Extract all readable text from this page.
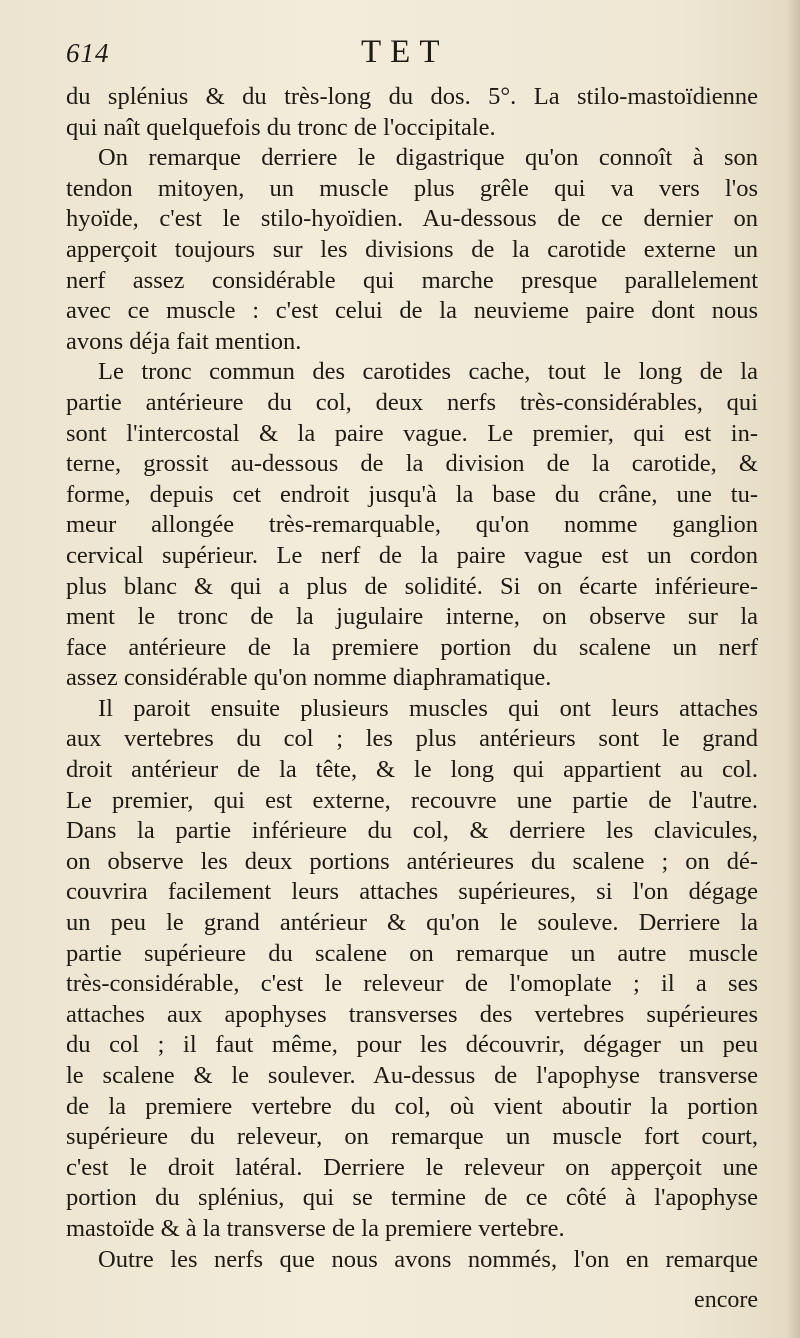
614	TET
du splénius & du très-long du dos. 5°. La stilo-mastoïdienne
qui naît quelquefois du tronc de l'occipitale.
On remarque derriere le digastrique qu'on connoît à son
tendon mitoyen, un muscle plus grêle qui va vers l'os
hyoïde, c'est le stilo-hyoïdien. Au-dessous de ce dernier on
apperçoit toujours sur les divisions de la carotide externe un
nerf assez considérable qui marche presque parallelement
avec ce muscle : c'est celui de la neuvieme paire dont nous
avons déja fait mention.
Le tronc commun des carotides cache, tout le long de la
partie antérieure du col, deux nerfs très-considérables, qui
sont l'intercostal & la paire vague. Le premier, qui est in-
terne, grossit au-dessous de la division de la carotide, &
forme, depuis cet endroit jusqu'à la base du crâne, une tu-
meur allongée très-remarquable, qu'on nomme ganglion
cervical supérieur. Le nerf de la paire vague est un cordon
plus blanc & qui a plus de solidité. Si on écarte inférieure-
ment le tronc de la jugulaire interne, on observe sur la
face antérieure de la premiere portion du scalene un nerf
assez considérable qu'on nomme diaphramatique.
Il paroit ensuite plusieurs muscles qui ont leurs attaches
aux vertebres du col ; les plus antérieurs sont le grand
droit antérieur de la tête, & le long qui appartient au col.
Le premier, qui est externe, recouvre une partie de l'autre.
Dans la partie inférieure du col, & derriere les clavicules,
on observe les deux portions antérieures du scalene ; on dé-
couvrira facilement leurs attaches supérieures, si l'on dégage
un peu le grand antérieur & qu'on le souleve. Derriere la
partie supérieure du scalene on remarque un autre muscle
très-considérable, c'est le releveur de l'omoplate ; il a ses
attaches aux apophyses transverses des vertebres supérieures
du col ; il faut même, pour les découvrir, dégager un peu
le scalene & le soulever. Au-dessus de l'apophyse transverse
de la premiere vertebre du col, où vient aboutir la portion
supérieure du releveur, on remarque un muscle fort court,
c'est le droit latéral. Derriere le releveur on apperçoit une
portion du splénius, qui se termine de ce côté à l'apophyse
mastoïde & à la transverse de la premiere vertebre.
Outre les nerfs que nous avons nommés, l'on en remarque
encore
